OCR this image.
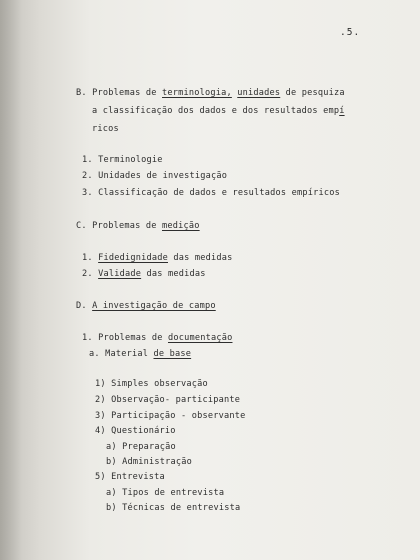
.5.
B. Problemas de terminologia, unidades de pesquiza
a classificação dos dados e dos resultados empí
ricos
1. Terminologie
2. Unidades de investigação
3. Classificação de dados e resultados empíricos
C. Problemas de medição
1. Fidedignidade das medidas
2. Validade das medidas
D. A investigação de campo
1. Problemas de documentação
a. Material de base
1) Simples observação
2) Observação- participante
3) Participação - observante
4) Questionário
a) Preparação
b) Administração
5) Entrevista
a) Tipos de entrevista
b) Técnicas de entrevista
